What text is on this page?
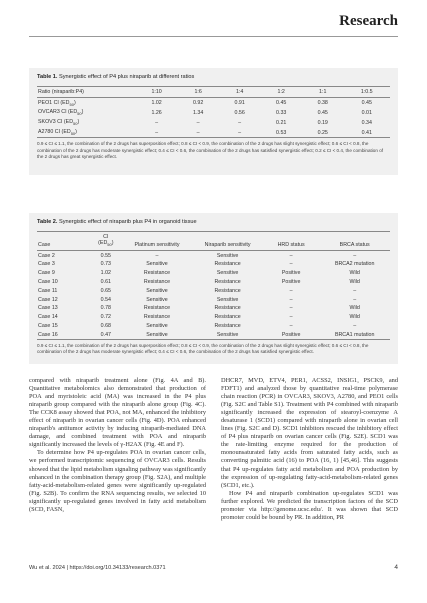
Research
Table 1. Synergistic effect of P4 plus niraparib at different ratios
Ratio (niraparib:P4)	1:10	1:6	1:4	1:2	1:1	1:0.5
PEO1 CI $(ED_{50})$	1.02	0.92	0.91	0.45	0.38	0.45
OVCAR3 CI $(ED_{50})$	1.26	1.34	0.56	0.33	0.45	0.01
SKOV3 CI $(ED_{50})$	–	–	–	0.21	0.19	0.34
A2780 CI $(ED_{50})$	–	–	–	0.53	0.25	0.41
0.9 ≤ CI ≤ 1.1, the combination of the 2 drugs has superposition effect; 0.8 ≤ CI < 0.9, the combination of the 2 drugs has slight synergistic effect; 0.6 ≤ CI < 0.8, the combination of the 2 drugs has moderate synergistic effect; 0.4 ≤ CI < 0.6, the combination of the 2 drugs has satisfied synergistic effect; 0.2 ≤ CI < 0.4, the combination of the 2 drugs has great synergistic effect.
Table 2. Synergistic effect of niraparib plus P4 in organoid tissue
Case	CI
$(ED_{50})$	Platinum sensitivity	Niraparib sensitivity	HRD status	BRCA status
Case 2	0.55	–	Sensitive	–	–
Case 3	0.73	Sensitive	Resistance	–	BRCA2 mutation
Case 9	1.02	Resistance	Sensitive	Positive	Wild
Case 10	0.61	Resistance	Resistance	Positive	Wild
Case 11	0.65	Sensitive	Resistance	–	–
Case 12	0.54	Sensitive	Sensitive	–	–
Case 13	0.78	Resistance	Resistance	–	Wild
Case 14	0.72	Resistance	Resistance	–	Wild
Case 15	0.68	Sensitive	Resistance	–	–
Case 16	0.47	Sensitive	Sensitive	Positive	BRCA1 mutation
0.9 ≤ CI ≤ 1.1, the combination of the 2 drugs has superposition effect; 0.8 ≤ CI < 0.9, the combination of the 2 drugs has slight synergistic effect; 0.6 ≤ CI < 0.8, the combination of the 2 drugs has moderate synergistic effect; 0.4 ≤ CI < 0.6, the combination of the 2 drugs has satisfied synergistic effect.

compared with niraparib treatment alone (Fig. 4A and B). Quantitative metabolomics also demonstrated that production of POA and myristoleic acid (MA) was increased in the P4 plus niraparib group compared with the niraparib alone group (Fig. 4C). The CCK8 assay showed that POA, not MA, enhanced the inhibitory effect of niraparib in ovarian cancer cells (Fig. 4D). POA enhanced niraparib's antitumor activity by inducing niraparib-mediated DNA damage, and combined treatment with POA and niraparib significantly increased the levels of γ-H2AX (Fig. 4E and F).

To determine how P4 up-regulates POA in ovarian cancer cells, we performed transcriptomic sequencing of OVCAR3 cells. Results showed that the lipid metabolism signaling pathway was significantly enhanced in the combination therapy group (Fig. S2A), and multiple fatty-acid-metabolism-related genes were significantly up-regulated (Fig. S2B). To confirm the RNA sequencing results, we selected 10 significantly up-regulated genes involved in fatty acid metabolism (SCD, FASN,

DHCR7, MVD, ETV4, PER1, ACSS2, INSIG1, PSCK9, and FDFT1) and analyzed those by quantitative real-time polymerase chain reaction (PCR) in OVCAR3, SKOV3, A2780, and PEO1 cells (Fig. S2C and Table S1). Treatment with P4 combined with niraparib significantly increased the expression of stearoyl-coenzyme A desaturase 1 (SCD1) compared with niraparib alone in ovarian cell lines (Fig. S2C and D). SCD1 inhibitors rescued the inhibitory effect of P4 plus niraparib on ovarian cancer cells (Fig. S2E). SCD1 was the rate-limiting enzyme required for the production of monounsaturated fatty acids from saturated fatty acids, such as converting palmitic acid (16) to POA (16, 1) [45,46]. This suggests that P4 up-regulates fatty acid metabolism and POA production by the expression of up-regulating fatty-acid-metabolism-related genes (SCD1, etc.).

How P4 and niraparib combination up-regulates SCD1 was further explored. We predicted the transcription factors of the SCD promoter via http://genome.ucsc.edu/. It was shown that SCD promoter could be bound by PR. In addition, PR

Wu et al. 2024 | https://doi.org/10.34133/research.0371	4
